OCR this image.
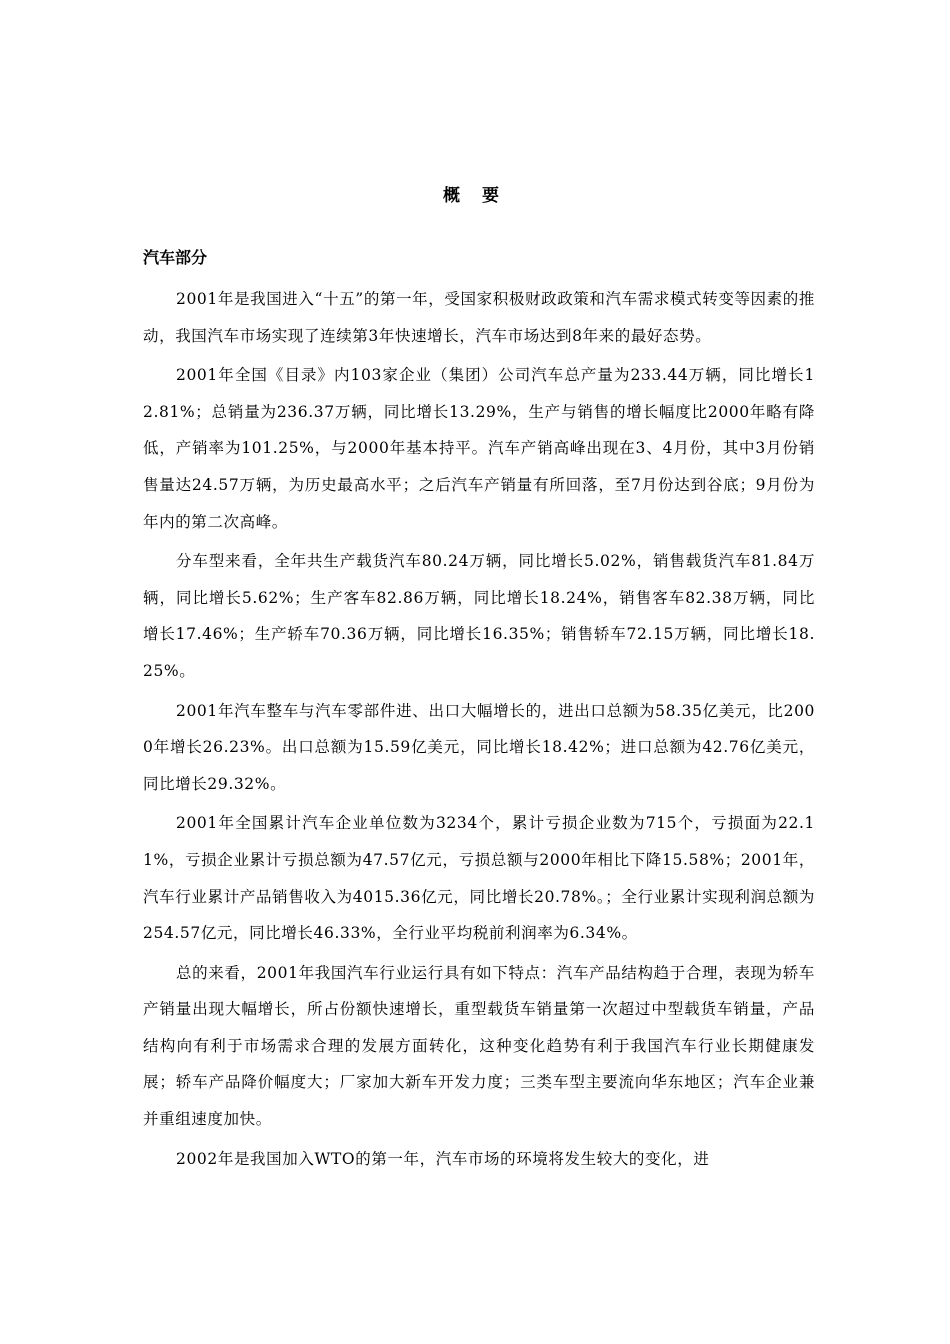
概 要
汽车部分

2001年是我国进入“十五”的第一年，受国家积极财政政策和汽车需求模式转变等因素的推动，我国汽车市场实现了连续第3年快速增长，汽车市场达到8年来的最好态势。

2001年全国《目录》内103家企业（集团）公司汽车总产量为233.44万辆，同比增长12.81%；总销量为236.37万辆，同比增长13.29%，生产与销售的增长幅度比2000年略有降低，产销率为101.25%，与2000年基本持平。汽车产销高峰出现在3、4月份，其中3月份销售量达24.57万辆，为历史最高水平；之后汽车产销量有所回落，至7月份达到谷底；9月份为年内的第二次高峰。

分车型来看，全年共生产载货汽车80.24万辆，同比增长5.02%，销售载货汽车81.84万辆，同比增长5.62%；生产客车82.86万辆，同比增长18.24%，销售客车82.38万辆，同比增长17.46%；生产轿车70.36万辆，同比增长16.35%；销售轿车72.15万辆，同比增长18.25%。

2001年汽车整车与汽车零部件进、出口大幅增长的，进出口总额为58.35亿美元，比2000年增长26.23%。出口总额为15.59亿美元，同比增长18.42%；进口总额为42.76亿美元，同比增长29.32%。

2001年全国累计汽车企业单位数为3234个，累计亏损企业数为715个，亏损面为22.11%，亏损企业累计亏损总额为47.57亿元，亏损总额与2000年相比下降15.58%；2001年，汽车行业累计产品销售收入为4015.36亿元，同比增长20.78%。；全行业累计实现利润总额为254.57亿元，同比增长46.33%，全行业平均税前利润率为6.34%。

总的来看，2001年我国汽车行业运行具有如下特点：汽车产品结构趋于合理，表现为轿车产销量出现大幅增长，所占份额快速增长，重型载货车销量第一次超过中型载货车销量，产品结构向有利于市场需求合理的发展方面转化，这种变化趋势有利于我国汽车行业长期健康发展；轿车产品降价幅度大；厂家加大新车开发力度；三类车型主要流向华东地区；汽车企业兼并重组速度加快。

2002年是我国加入WTO的第一年，汽车市场的环境将发生较大的变化，进
